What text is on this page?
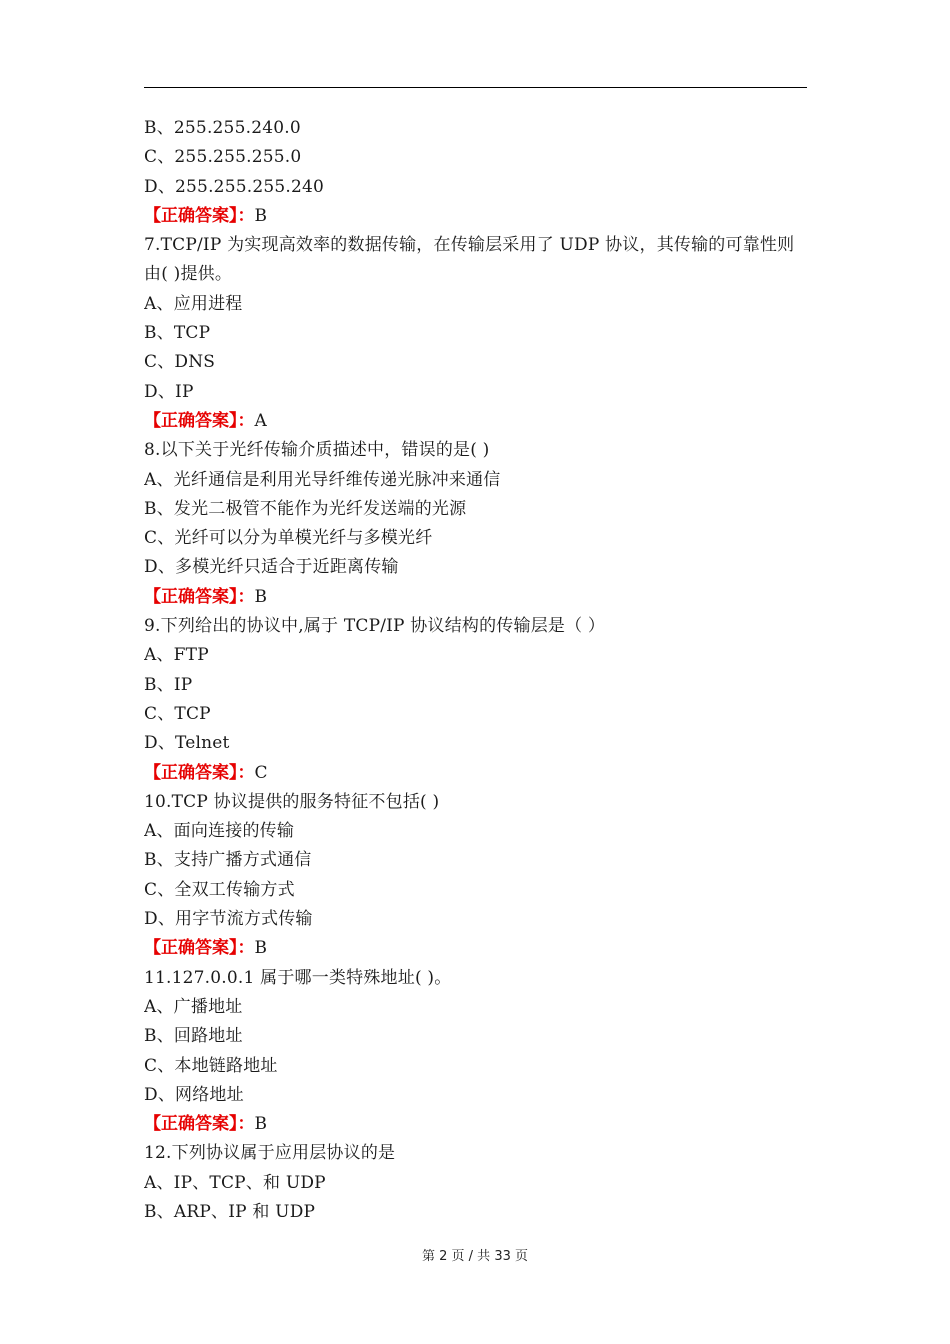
B、255.255.240.0
C、255.255.255.0
D、255.255.255.240
【正确答案】：B
7.TCP/IP 为实现高效率的数据传输，在传输层采用了 UDP 协议，其传输的可靠性则由( )提供。
A、应用进程
B、TCP
C、DNS
D、IP
【正确答案】：A
8.以下关于光纤传输介质描述中，错误的是( )
A、光纤通信是利用光导纤维传递光脉冲来通信
B、发光二极管不能作为光纤发送端的光源
C、光纤可以分为单模光纤与多模光纤
D、多模光纤只适合于近距离传输
【正确答案】：B
9.下列给出的协议中,属于 TCP/IP 协议结构的传输层是（ ）
A、FTP
B、IP
C、TCP
D、Telnet
【正确答案】：C
10.TCP 协议提供的服务特征不包括( )
A、面向连接的传输
B、支持广播方式通信
C、全双工传输方式
D、用字节流方式传输
【正确答案】：B
11.127.0.0.1 属于哪一类特殊地址( )。
A、广播地址
B、回路地址
C、本地链路地址
D、网络地址
【正确答案】：B
12.下列协议属于应用层协议的是
A、IP、TCP、和 UDP
B、ARP、IP 和 UDP
第 2 页 / 共 33 页
